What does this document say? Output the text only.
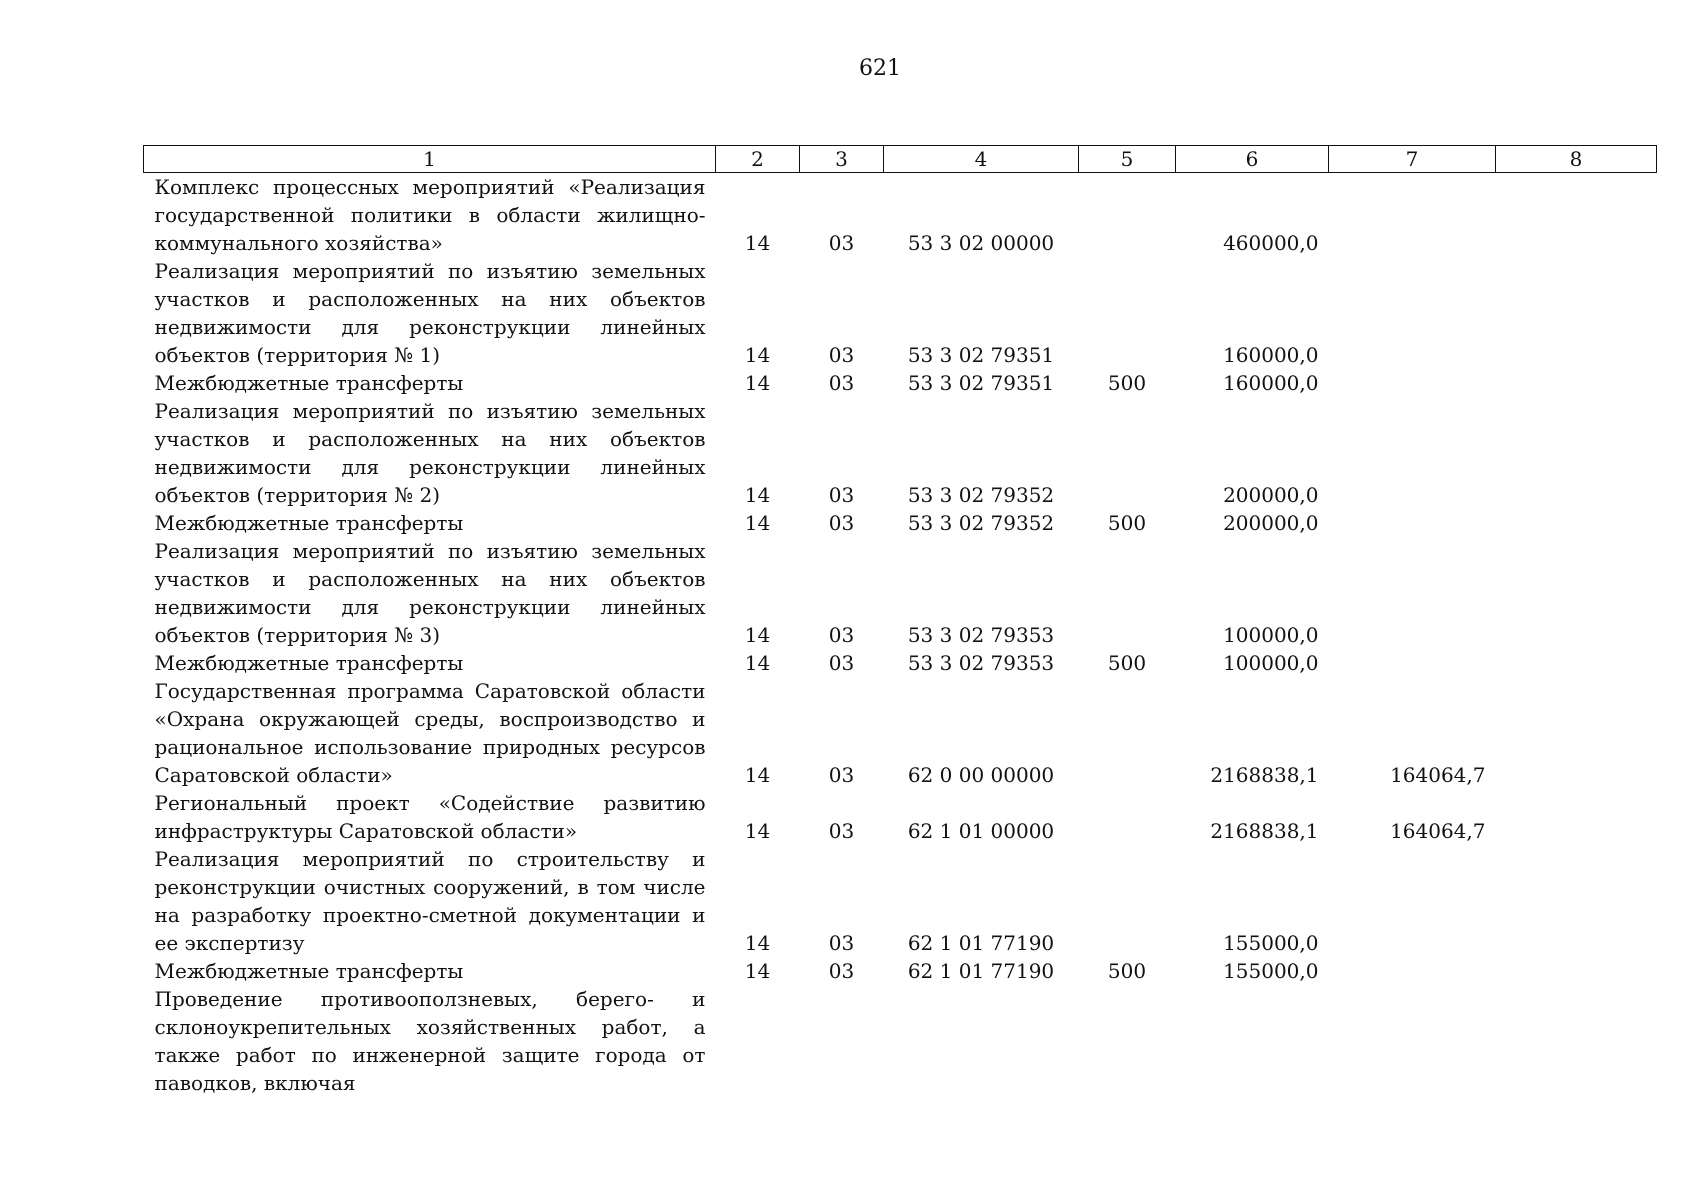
621
1	2	3	4	5	6	7	8
Комплекс процессных мероприятий «Реализация государственной политики в области жилищно-коммунального хозяйства»	14	03	53 3 02 00000		460000,0		
Реализация мероприятий по изъятию земельных участков и расположенных на них объектов недвижимости для реконструкции линейных объектов (территория № 1)	14	03	53 3 02 79351		160000,0		
Межбюджетные трансферты	14	03	53 3 02 79351	500	160000,0		
Реализация мероприятий по изъятию земельных участков и расположенных на них объектов недвижимости для реконструкции линейных объектов (территория № 2)	14	03	53 3 02 79352		200000,0		
Межбюджетные трансферты	14	03	53 3 02 79352	500	200000,0		
Реализация мероприятий по изъятию земельных участков и расположенных на них объектов недвижимости для реконструкции линейных объектов (территория № 3)	14	03	53 3 02 79353		100000,0		
Межбюджетные трансферты	14	03	53 3 02 79353	500	100000,0		
Государственная программа Саратовской области «Охрана окружающей среды, воспроизводство и рациональное использование природных ресурсов Саратовской области»	14	03	62 0 00 00000		2168838,1	164064,7	
Региональный проект «Содействие развитию инфраструктуры Саратовской области»	14	03	62 1 01 00000		2168838,1	164064,7	
Реализация мероприятий по строительству и реконструкции очистных сооружений, в том числе на разработку проектно-сметной документации и ее экспертизу	14	03	62 1 01 77190		155000,0		
Межбюджетные трансферты	14	03	62 1 01 77190	500	155000,0		
Проведение противооползневых, берего- и склоноукрепительных хозяйственных работ, а также работ по инженерной защите города от паводков, включая							
